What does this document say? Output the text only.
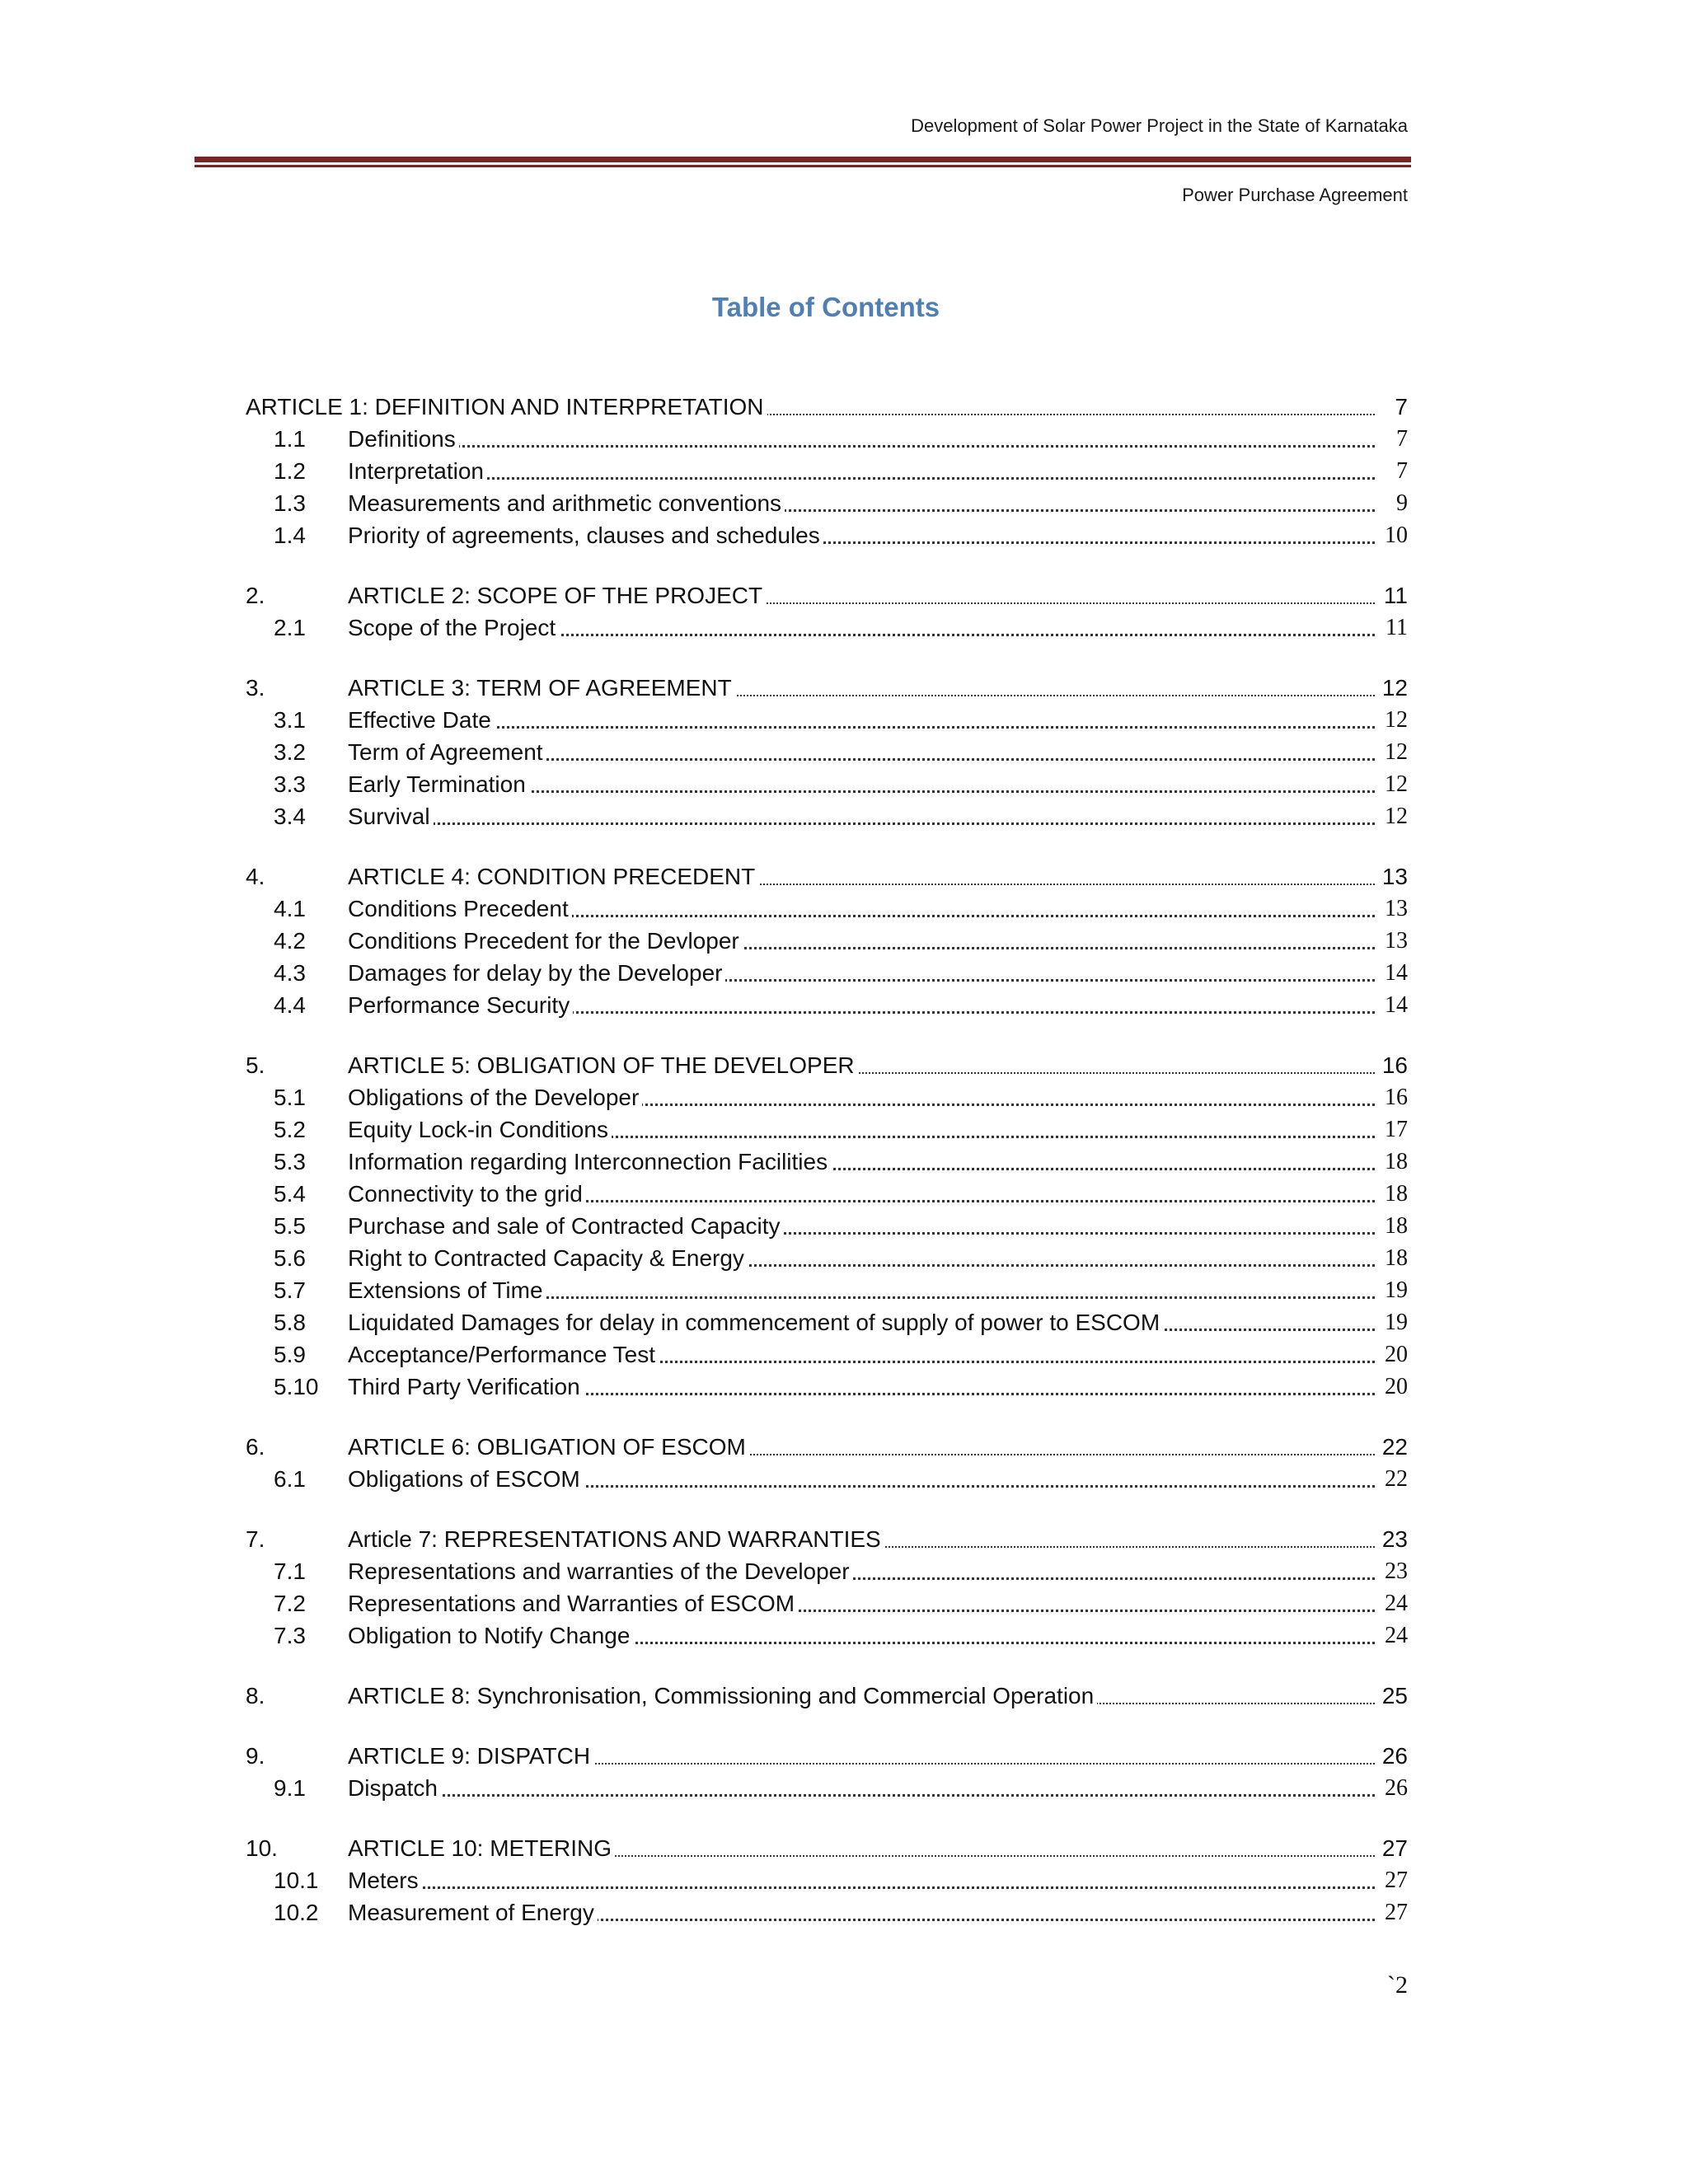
Development of Solar Power Project in the State of Karnataka
Power Purchase Agreement
Table of Contents
ARTICLE 1: DEFINITION AND INTERPRETATION	7
1.1 Definitions	7
1.2 Interpretation	7
1.3 Measurements and arithmetic conventions	9
1.4 Priority of agreements, clauses and schedules	10
2.	ARTICLE 2: SCOPE OF THE PROJECT	11
2.1 Scope of the Project	11
3.	ARTICLE 3: TERM OF AGREEMENT	12
3.1 Effective Date	12
3.2 Term of Agreement	12
3.3 Early Termination	12
3.4 Survival	12
4.	ARTICLE 4: CONDITION PRECEDENT	13
4.1 Conditions Precedent	13
4.2 Conditions Precedent for the Devloper	13
4.3 Damages for delay by the Developer	14
4.4 Performance Security	14
5.	ARTICLE 5: OBLIGATION OF THE DEVELOPER	16
5.1 Obligations of the Developer	16
5.2 Equity Lock-in Conditions	17
5.3 Information regarding Interconnection Facilities	18
5.4 Connectivity to the grid	18
5.5 Purchase and sale of Contracted Capacity	18
5.6 Right to Contracted Capacity & Energy	18
5.7 Extensions of Time	19
5.8 Liquidated Damages for delay in commencement of supply of power to ESCOM	19
5.9 Acceptance/Performance Test	20
5.10 Third Party Verification	20
6.	ARTICLE 6: OBLIGATION OF ESCOM	22
6.1 Obligations of ESCOM	22
7.	Article 7: REPRESENTATIONS AND WARRANTIES	23
7.1 Representations and warranties of the Developer	23
7.2 Representations and Warranties of ESCOM	24
7.3 Obligation to Notify Change	24
8.	ARTICLE 8: Synchronisation, Commissioning and Commercial Operation	25
9.	ARTICLE 9: DISPATCH	26
9.1 Dispatch	26
10.	ARTICLE 10: METERING	27
10.1 Meters	27
10.2 Measurement of Energy	27
`2
